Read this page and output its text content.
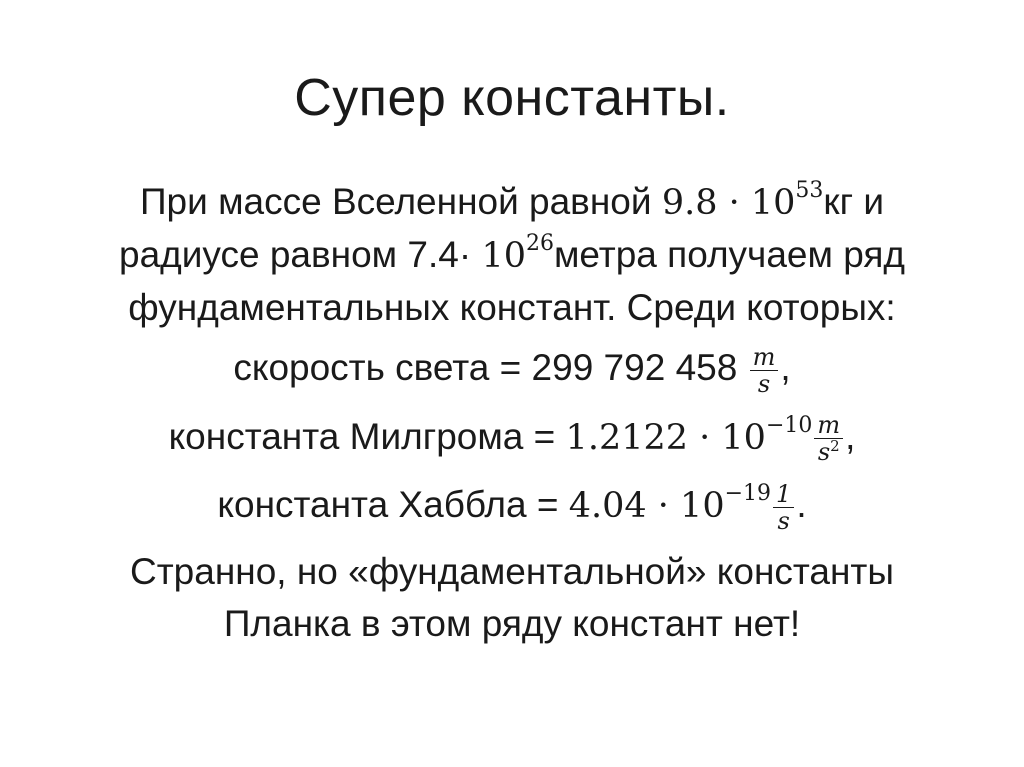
Супер константы.
При массе Вселенной равной $9.8 \cdot 10^{53}кг$ и
радиусе равном $7.4\cdot 10^{26}метра$ получаем ряд
фундаментальных констант. Среди которых:
скорость света = 299 792 $458 \frac{m}{s}$ ,
константа Милгрома = $1.2122 \cdot 10^{-10} \frac{m}{s^2}$ ,
константа Хаббла = $4.04 \cdot 10^{-19} \frac{1}{s}$ .
Странно, но «фундаментальной» константы
Планка в этом ряду констант нет!
